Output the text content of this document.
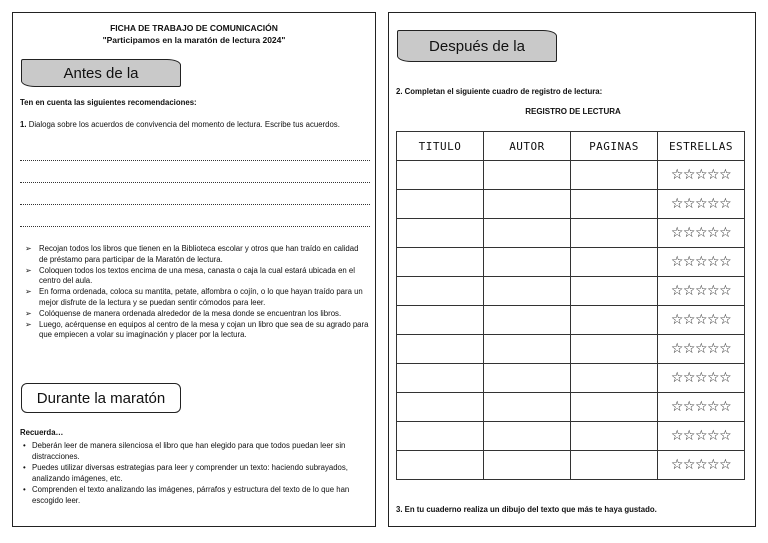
FICHA DE TRABAJO DE COMUNICACIÓN
"Participamos en la maratón de lectura 2024"
Antes de la
Ten en cuenta las siguientes recomendaciones:
1. Dialoga sobre los acuerdos de convivencia del momento de lectura. Escribe tus acuerdos.
➢ Recojan todos los libros que tienen en la Biblioteca escolar y otros que han traído en calidad de préstamo para participar de la Maratón de lectura.
➢ Coloquen todos los textos encima de una mesa, canasta o caja la cual estará ubicada en el centro del aula.
➢ En forma ordenada, coloca su mantita, petate, alfombra o cojín, o lo que hayan traído para un mejor disfrute de la lectura y se puedan sentir cómodos para leer.
➢ Colóquense de manera ordenada alrededor de la mesa donde se encuentran los libros.
➢ Luego, acérquense en equipos al centro de la mesa y cojan un libro que sea de su agrado para que empiecen a volar su imaginación y placer por la lectura.
Durante la maratón
Recuerda…
• Deberán leer de manera silenciosa el libro que han elegido para que todos puedan leer sin distracciones.
• Puedes utilizar diversas estrategias para leer y comprender un texto: haciendo subrayados, analizando imágenes, etc.
• Comprenden el texto analizando las imágenes, párrafos y estructura del texto de lo que han escogido leer.
Después de la
2. Completan el siguiente cuadro de registro de lectura:
REGISTRO DE LECTURA
TITULO	AUTOR	PAGINAS	ESTRELLAS
			☆☆☆☆☆
			☆☆☆☆☆
			☆☆☆☆☆
			☆☆☆☆☆
			☆☆☆☆☆
			☆☆☆☆☆
			☆☆☆☆☆
			☆☆☆☆☆
			☆☆☆☆☆
			☆☆☆☆☆
			☆☆☆☆☆
3. En tu cuaderno realiza un dibujo del texto que más te haya gustado.
